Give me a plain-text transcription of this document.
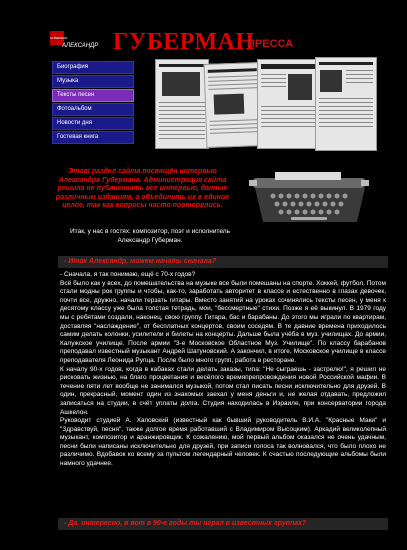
GUBERMAN
АЛЕКСАНДР ГУБЕРМАН
ПРЕССА
Биография
Музыка
Тексты песен
Фотоальбом
Новости дня
Гостевая книга
Этот раздел сайта посвящён интервью Александра Губермана. Администрация сайта решила не публиковать все интервью, данные различным изданиям, а объединить их в единое целое, так как вопросы часто повторялись.
Итак, у нас в гостях: композитор, поэт и исполнитель Александр Губерман.
- Итак Александр, можем начать сначала?

- Сначала, я так понимаю, ещё с 70-х годов?

Всё было как у всех, до помешательства на музыке все были помешаны на спорте. Хоккей, футбол. Потом стали модны рок группы и чтобы, как-то, заработать авторитет в классе и естественно в глазах девочек, почти все, дружно, начали терзать гитары. Вместо занятий на уроках сочинялись тексты песен, у меня к десятому классу уже была толстая тетрадь, мои, "бессмертные" стихи. Позже я её выкинул. В 1979 году мы с ребятами создали, наконец, свою группу. Гитара, бас и барабаны. До этого мы играли по квартирам, доставляя "наслаждение", от бесплатных концертов, своим соседям. В те давние времена приходилось самим делать колонки, усилители и билеты на концерты. Дальше была учёба в муз. училищах. До армии, Калужское училище. После армии "3-е Московское Областное Муз. Училище". По классу барабанов преподавал известный музыкант Андрей Шатуновский. А закончил, в итоге, Московское училище в классе преподавателя Леонида Рупца. После было много групп, работа в ресторане.

К началу 90-х годов, когда в кабаках стали делать заказы, типа: "Не сыграешь - застрелю!", я решил не рисковать жизнью, на благо процветания и весёлого времяпрепровождения новой Российской мафии. В течение пяти лет вообще не занимался музыкой, потом стал писать песни исключительно для друзей. В один, прекрасный, момент один из знакомых заехал у меня деньги и, не желая отдавать, предложил записаться на студии, в счёт уплаты долга. Студия находилась в Израиле, при консерватории города Ашкелон.

Руководит студией А. Хаповский (известный как бывший руководитель В.И.А. "Красные Маки" и "Здравствуй, песня", также долгое время работавший с Владимиром Высоцким). Аркадий великолепный музыкант, композитор и аранжировщик. К сожалению, мой первый альбом оказался не очень удачным, песни были написаны исключительно для друзей, при записи голоса так волновался, что было плохо не различимо. Вдобавок ко всему за пультом легендарный человек. К счастью последующие альбомы были намного удачнее.

- Да, интересно, в вот в 90-е годы ты играл в известных группах?
